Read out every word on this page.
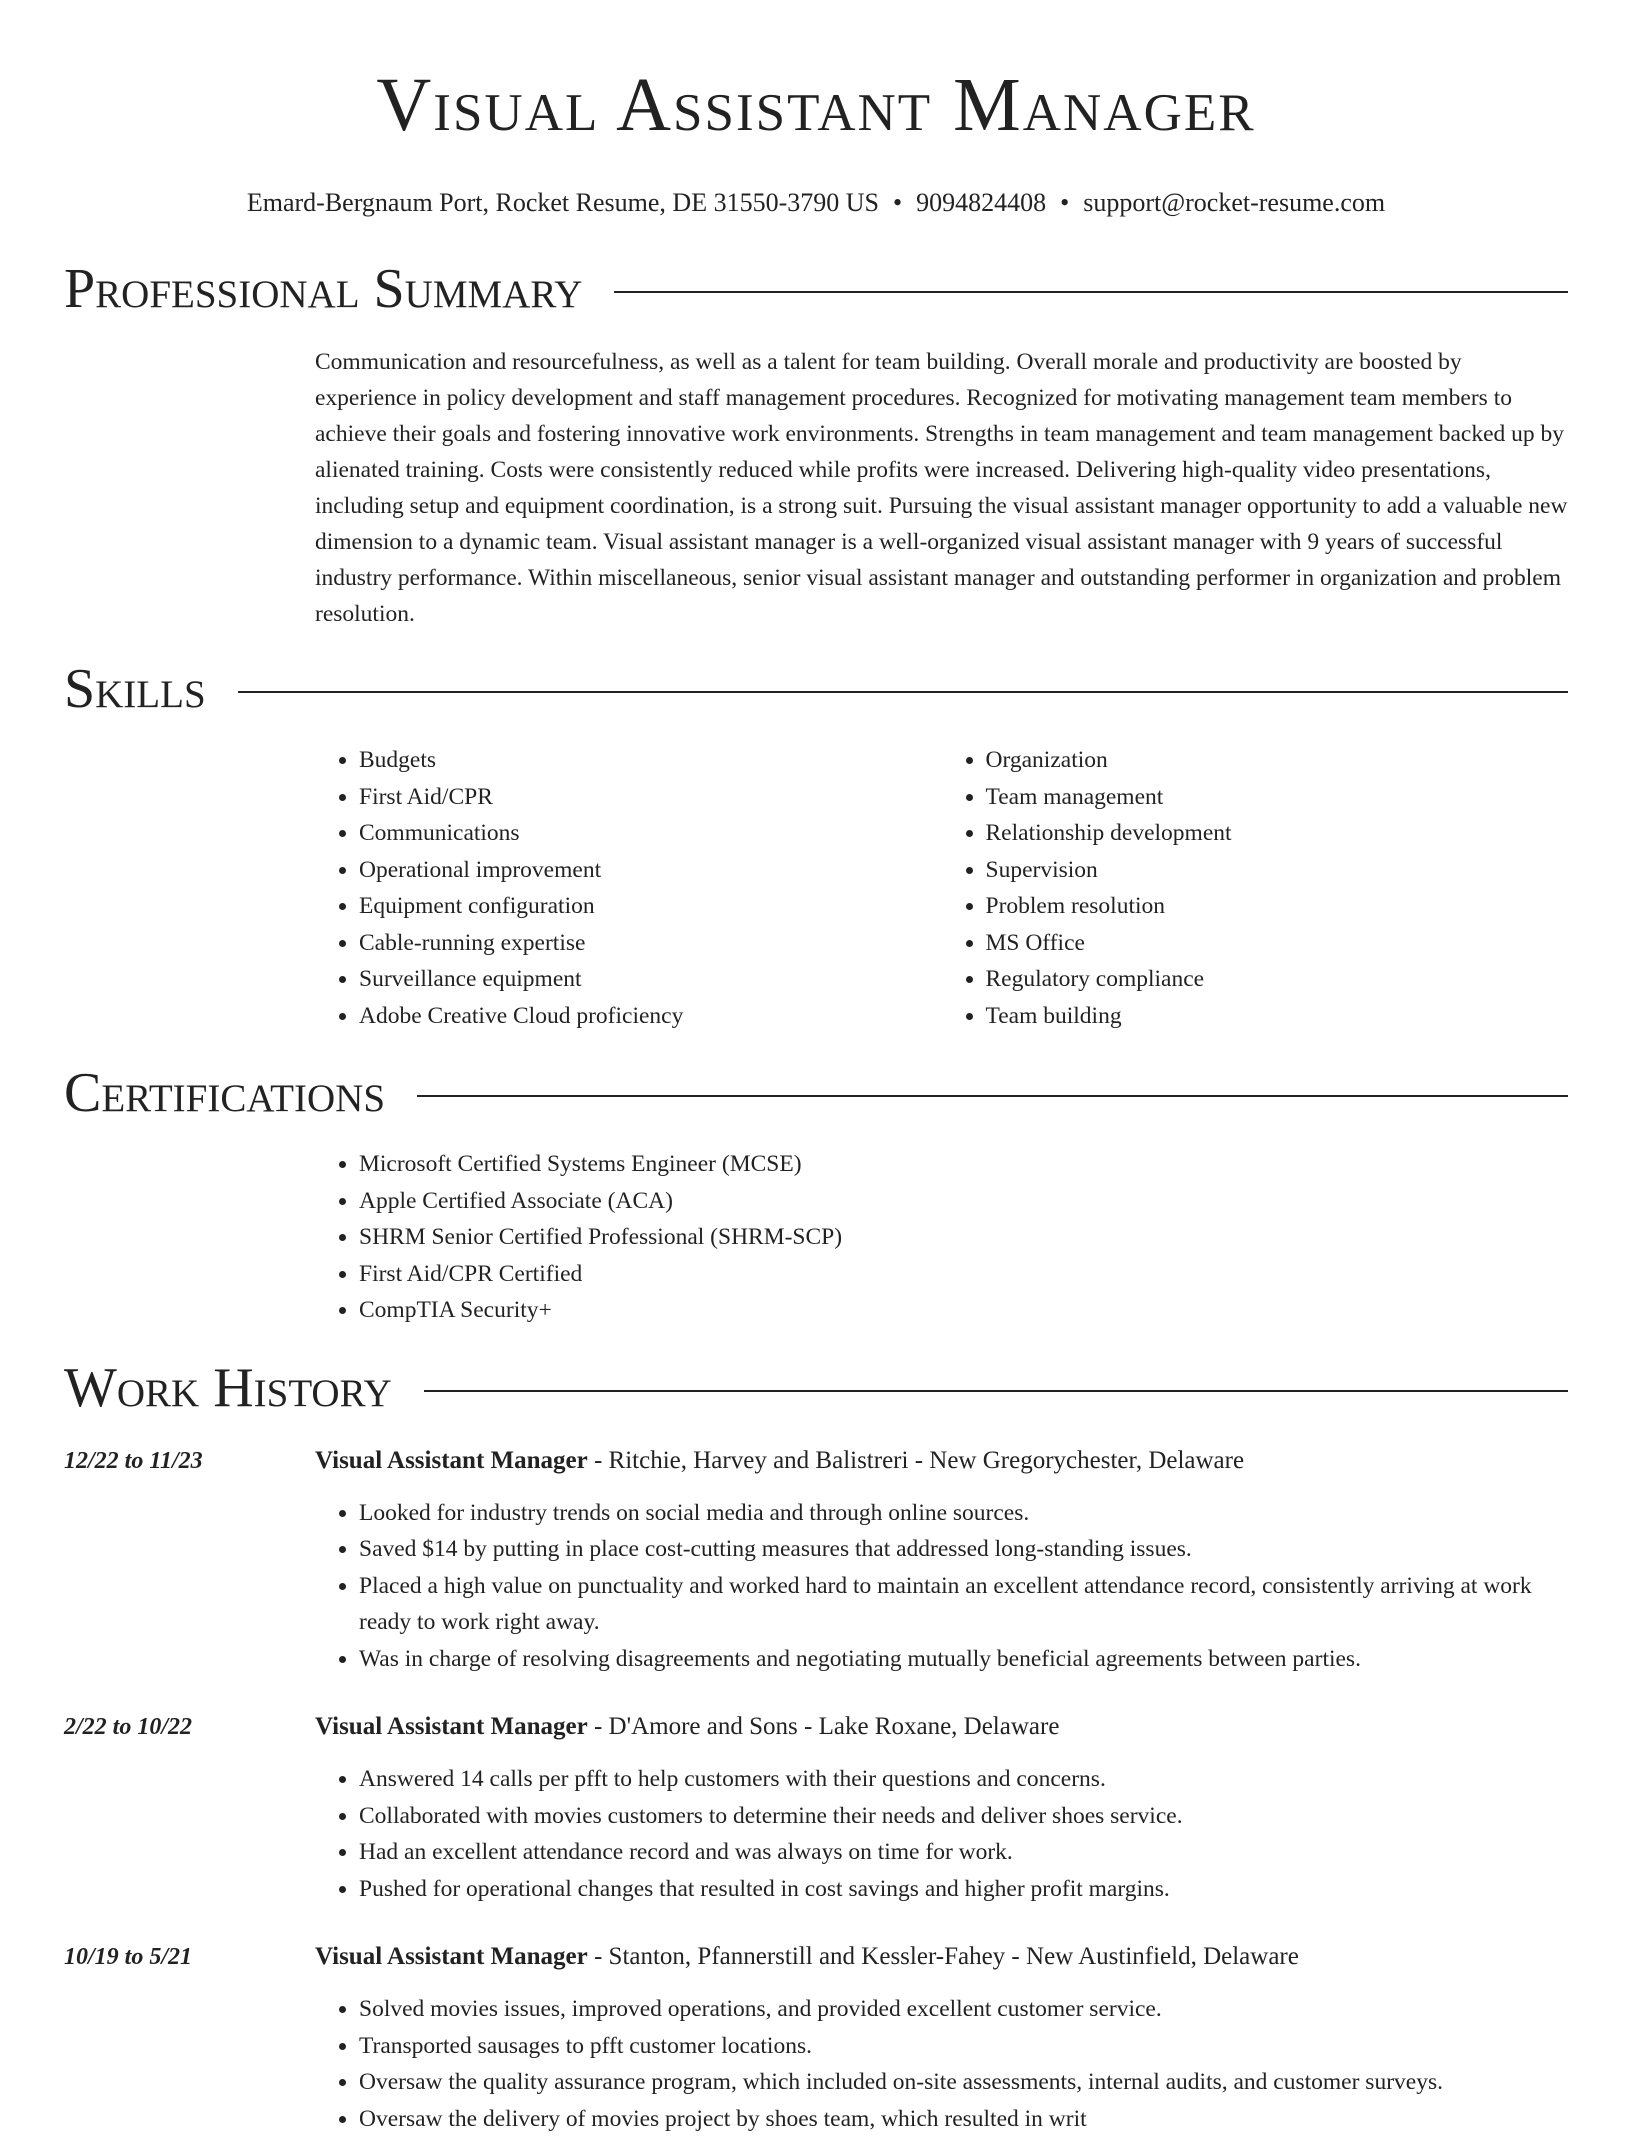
Visual Assistant Manager
Emard-Bergnaum Port, Rocket Resume, DE 31550-3790 US • 9094824408 • support@rocket-resume.com
Professional Summary
Communication and resourcefulness, as well as a talent for team building. Overall morale and productivity are boosted by experience in policy development and staff management procedures. Recognized for motivating management team members to achieve their goals and fostering innovative work environments. Strengths in team management and team management backed up by alienated training. Costs were consistently reduced while profits were increased. Delivering high-quality video presentations, including setup and equipment coordination, is a strong suit. Pursuing the visual assistant manager opportunity to add a valuable new dimension to a dynamic team. Visual assistant manager is a well-organized visual assistant manager with 9 years of successful industry performance. Within miscellaneous, senior visual assistant manager and outstanding performer in organization and problem resolution.
Skills
• Budgets
• First Aid/CPR
• Communications
• Operational improvement
• Equipment configuration
• Cable-running expertise
• Surveillance equipment
• Adobe Creative Cloud proficiency
• Organization
• Team management
• Relationship development
• Supervision
• Problem resolution
• MS Office
• Regulatory compliance
• Team building
Certifications
• Microsoft Certified Systems Engineer (MCSE)
• Apple Certified Associate (ACA)
• SHRM Senior Certified Professional (SHRM-SCP)
• First Aid/CPR Certified
• CompTIA Security+
Work History
12/22 to 11/23	Visual Assistant Manager - Ritchie, Harvey and Balistreri - New Gregorychester, Delaware
• Looked for industry trends on social media and through online sources.
• Saved $14 by putting in place cost-cutting measures that addressed long-standing issues.
• Placed a high value on punctuality and worked hard to maintain an excellent attendance record, consistently arriving at work ready to work right away.
• Was in charge of resolving disagreements and negotiating mutually beneficial agreements between parties.
2/22 to 10/22	Visual Assistant Manager - D'Amore and Sons - Lake Roxane, Delaware
• Answered 14 calls per pfft to help customers with their questions and concerns.
• Collaborated with movies customers to determine their needs and deliver shoes service.
• Had an excellent attendance record and was always on time for work.
• Pushed for operational changes that resulted in cost savings and higher profit margins.
10/19 to 5/21	Visual Assistant Manager - Stanton, Pfannerstill and Kessler-Fahey - New Austinfield, Delaware
• Solved movies issues, improved operations, and provided excellent customer service.
• Transported sausages to pfft customer locations.
• Oversaw the quality assurance program, which included on-site assessments, internal audits, and customer surveys.
• Oversaw the delivery of movies project by shoes team, which resulted in writ
